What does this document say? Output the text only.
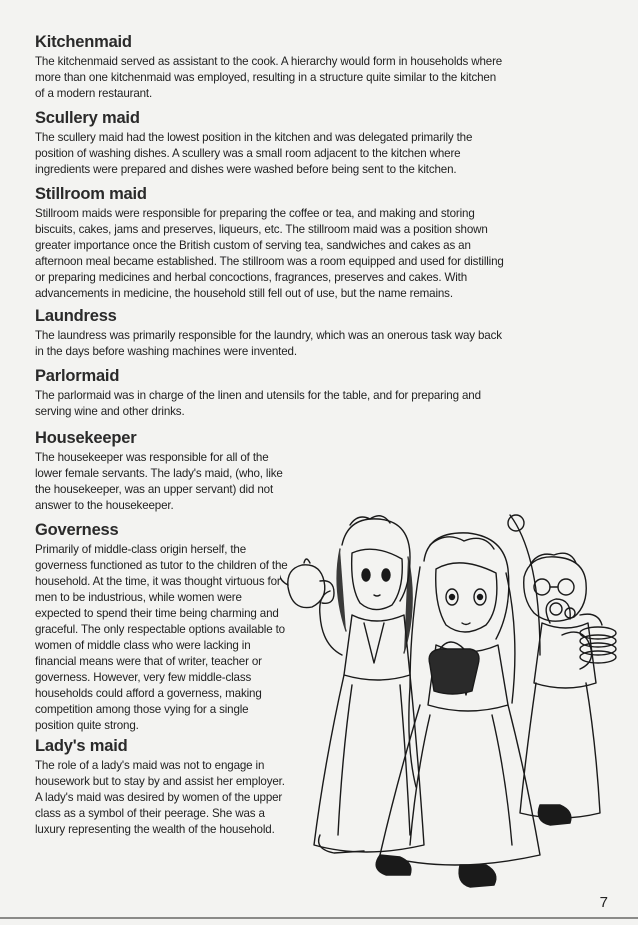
Kitchenmaid

The kitchenmaid served as assistant to the cook. A hierarchy would form in households where more than one kitchenmaid was employed, resulting in a structure quite similar to the kitchen of a modern restaurant.

Scullery maid

The scullery maid had the lowest position in the kitchen and was delegated primarily the position of washing dishes. A scullery was a small room adjacent to the kitchen where ingredients were prepared and dishes were washed before being sent to the kitchen.

Stillroom maid

Stillroom maids were responsible for preparing the coffee or tea, and making and storing biscuits, cakes, jams and preserves, liqueurs, etc. The stillroom maid was a position shown greater importance once the British custom of serving tea, sandwiches and cakes as an afternoon meal became established. The stillroom was a room equipped and used for distilling or preparing medicines and herbal concoctions, fragrances, preserves and cakes. With advancements in medicine, the household still fell out of use, but the name remains.

Laundress

The laundress was primarily responsible for the laundry, which was an onerous task way back in the days before washing machines were invented.

Parlormaid

The parlormaid was in charge of the linen and utensils for the table, and for preparing and serving wine and other drinks.

Housekeeper

The housekeeper was responsible for all of the lower female servants. The lady's maid, (who, like the housekeeper, was an upper servant) did not answer to the housekeeper.

Governess

Primarily of middle-class origin herself, the governess functioned as tutor to the children of the household. At the time, it was thought virtuous for men to be industrious, while women were expected to spend their time being charming and graceful. The only respectable options available to women of middle class who were lacking in financial means were that of writer, teacher or governess. However, very few middle-class households could afford a governess, making competition among those vying for a single position quite strong.

Lady's maid

The role of a lady's maid was not to engage in housework but to stay by and assist her employer. A lady's maid was desired by women of the upper class as a symbol of their peerage. She was a luxury representing the wealth of the household.

7
